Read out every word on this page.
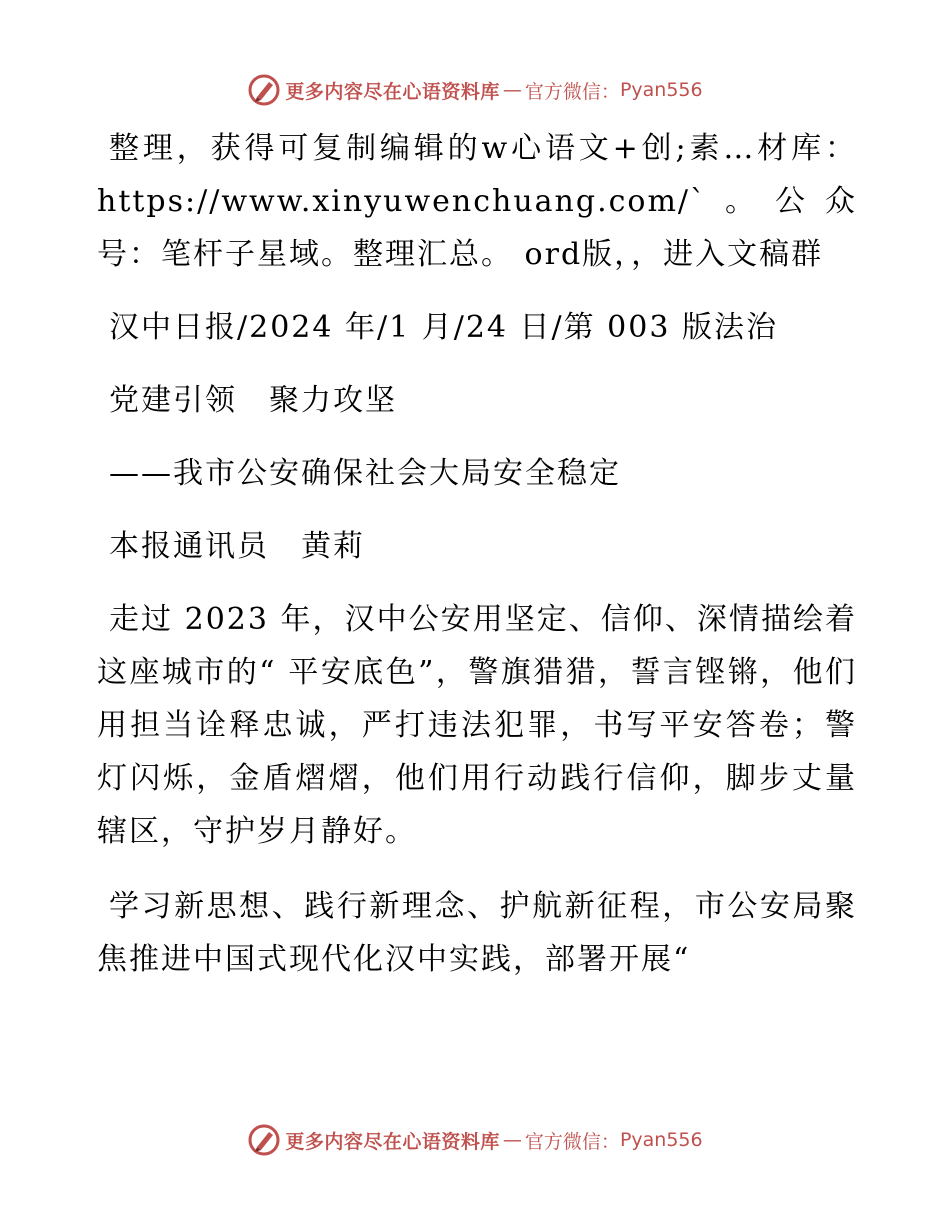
更多内容尽在心语资料库 — 官方微信： Pyan556

整理，获得可复制编辑的w心语文+创;素…材库：https://www.xinyuwenchuang.com/`。公众号：笔杆子星域。整理汇总。 ord版，，进入文稿群

汉中日报/2024 年/1 月/24 日/第 003 版法治

党建引领　聚力攻坚

——我市公安确保社会大局安全稳定

本报通讯员　黄莉

走过 2023 年，汉中公安用坚定、信仰、深情描绘着这座城市的“ 平安底色”，警旗猎猎，誓言铿锵，他们用担当诠释忠诚，严打违法犯罪，书写平安答卷；警灯闪烁，金盾熠熠，他们用行动践行信仰，脚步丈量辖区，守护岁月静好。

学习新思想、践行新理念、护航新征程，市公安局聚焦推进中国式现代化汉中实践，部署开展“

更多内容尽在心语资料库 — 官方微信： Pyan556
